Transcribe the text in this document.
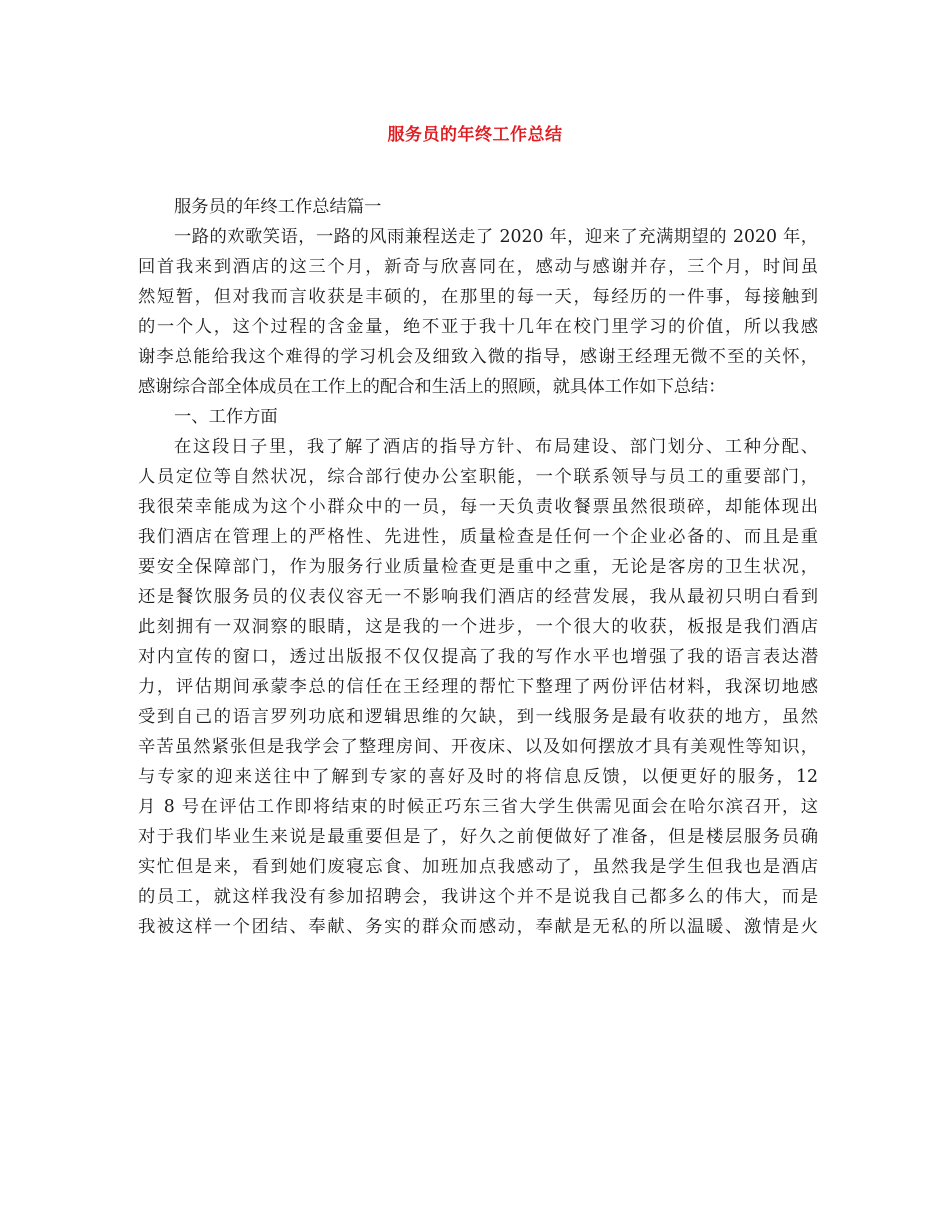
服务员的年终工作总结
服务员的年终工作总结篇一
一路的欢歌笑语，一路的风雨兼程送走了 2020 年，迎来了充满期望的 2020 年，
回首我来到酒店的这三个月，新奇与欣喜同在，感动与感谢并存，三个月，时间虽
然短暂，但对我而言收获是丰硕的，在那里的每一天，每经历的一件事，每接触到
的一个人，这个过程的含金量，绝不亚于我十几年在校门里学习的价值，所以我感
谢李总能给我这个难得的学习机会及细致入微的指导，感谢王经理无微不至的关怀，
感谢综合部全体成员在工作上的配合和生活上的照顾，就具体工作如下总结：
一、工作方面
在这段日子里，我了解了酒店的指导方针、布局建设、部门划分、工种分配、
人员定位等自然状况，综合部行使办公室职能，一个联系领导与员工的重要部门，
我很荣幸能成为这个小群众中的一员，每一天负责收餐票虽然很琐碎，却能体现出
我们酒店在管理上的严格性、先进性，质量检查是任何一个企业必备的、而且是重
要安全保障部门，作为服务行业质量检查更是重中之重，无论是客房的卫生状况，
还是餐饮服务员的仪表仪容无一不影响我们酒店的经营发展，我从最初只明白看到
此刻拥有一双洞察的眼睛，这是我的一个进步，一个很大的收获，板报是我们酒店
对内宣传的窗口，透过出版报不仅仅提高了我的写作水平也增强了我的语言表达潜
力，评估期间承蒙李总的信任在王经理的帮忙下整理了两份评估材料，我深切地感
受到自己的语言罗列功底和逻辑思维的欠缺，到一线服务是最有收获的地方，虽然
辛苦虽然紧张但是我学会了整理房间、开夜床、以及如何摆放才具有美观性等知识，
与专家的迎来送往中了解到专家的喜好及时的将信息反馈，以便更好的服务，12
月 8 号在评估工作即将结束的时候正巧东三省大学生供需见面会在哈尔滨召开，这
对于我们毕业生来说是最重要但是了，好久之前便做好了准备，但是楼层服务员确
实忙但是来，看到她们废寝忘食、加班加点我感动了，虽然我是学生但我也是酒店
的员工，就这样我没有参加招聘会，我讲这个并不是说我自己都多么的伟大，而是
我被这样一个团结、奉献、务实的群众而感动，奉献是无私的所以温暖、激情是火
